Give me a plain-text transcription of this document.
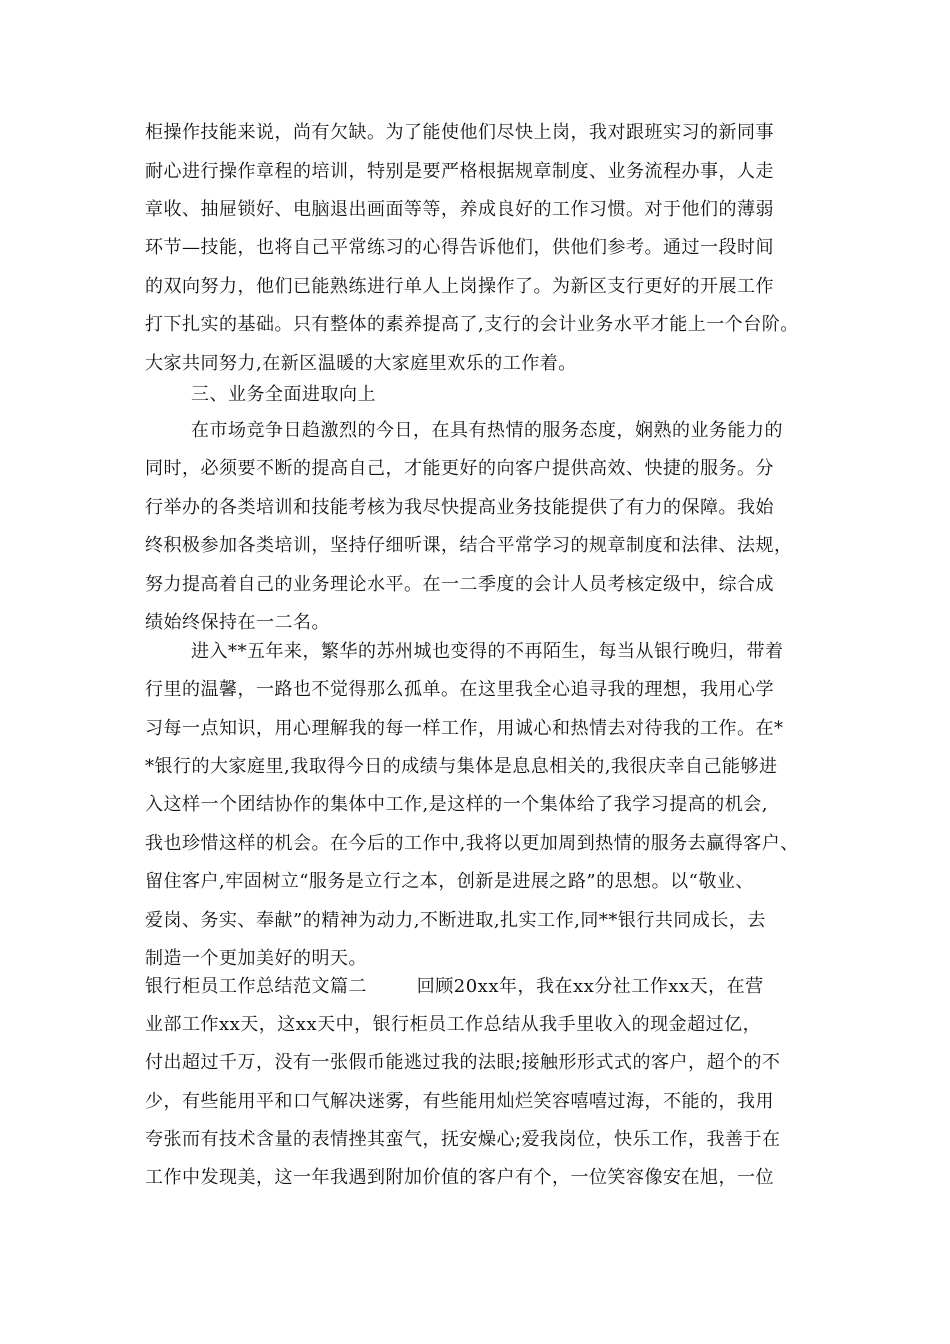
柜操作技能来说，尚有欠缺。为了能使他们尽快上岗，我对跟班实习的新同事
耐心进行操作章程的培训，特别是要严格根据规章制度、业务流程办事，人走
章收、抽屉锁好、电脑退出画面等等，养成良好的工作习惯。对于他们的薄弱
环节—技能，也将自己平常练习的心得告诉他们，供他们参考。通过一段时间
的双向努力，他们已能熟练进行单人上岗操作了。为新区支行更好的开展工作
打下扎实的基础。只有整体的素养提高了,支行的会计业务水平才能上一个台阶。
大家共同努力,在新区温暖的大家庭里欢乐的工作着。
三、业务全面进取向上
在市场竞争日趋激烈的今日，在具有热情的服务态度，娴熟的业务能力的
同时，必须要不断的提高自己，才能更好的向客户提供高效、快捷的服务。分
行举办的各类培训和技能考核为我尽快提高业务技能提供了有力的保障。我始
终积极参加各类培训，坚持仔细听课，结合平常学习的规章制度和法律、法规，
努力提高着自己的业务理论水平。在一二季度的会计人员考核定级中，综合成
绩始终保持在一二名。
进入**五年来，繁华的苏州城也变得的不再陌生，每当从银行晚归，带着
行里的温馨，一路也不觉得那么孤单。在这里我全心追寻我的理想，我用心学
习每一点知识，用心理解我的每一样工作，用诚心和热情去对待我的工作。在*
*银行的大家庭里,我取得今日的成绩与集体是息息相关的,我很庆幸自己能够进
入这样一个团结协作的集体中工作,是这样的一个集体给了我学习提高的机会,
我也珍惜这样的机会。在今后的工作中,我将以更加周到热情的服务去赢得客户、
留住客户,牢固树立“服务是立行之本，创新是进展之路”的思想。以“敬业、
爱岗、务实、奉献”的精神为动力,不断进取,扎实工作,同**银行共同成长，去
制造一个更加美好的明天。
银行柜员工作总结范文篇二        回顾20xx年，我在xx分社工作xx天，在营
业部工作xx天，这xx天中，银行柜员工作总结从我手里收入的现金超过亿，
付出超过千万，没有一张假币能逃过我的法眼;接触形形式式的客户，超个的不
少，有些能用平和口气解决迷雾，有些能用灿烂笑容嘻嘻过海，不能的，我用
夸张而有技术含量的表情挫其蛮气，抚安燥心;爱我岗位，快乐工作，我善于在
工作中发现美，这一年我遇到附加价值的客户有个，一位笑容像安在旭，一位
